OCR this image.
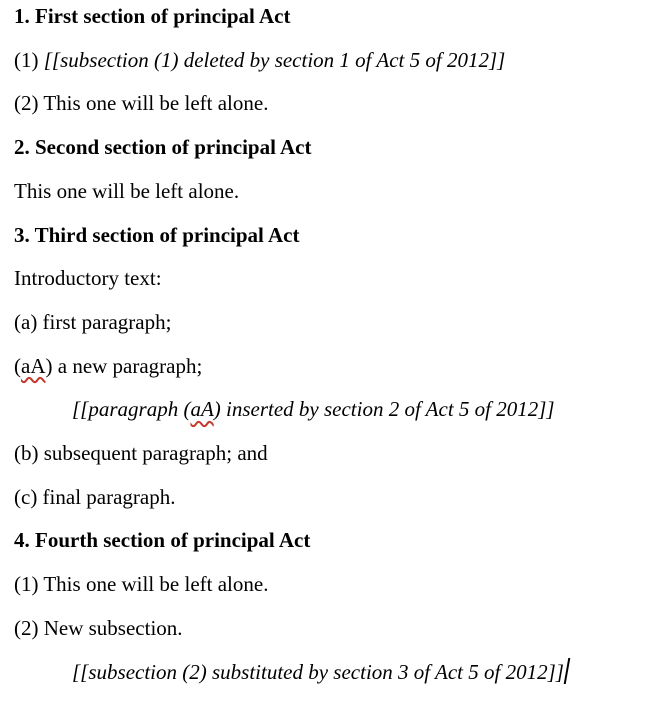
1. First section of principal Act

(1) [[subsection (1) deleted by section 1 of Act 5 of 2012]]

(2) This one will be left alone.

2. Second section of principal Act

This one will be left alone.

3. Third section of principal Act

Introductory text:

(a) first paragraph;

(aA) a new paragraph;

[[paragraph (aA) inserted by section 2 of Act 5 of 2012]]

(b) subsequent paragraph; and

(c) final paragraph.

4. Fourth section of principal Act

(1) This one will be left alone.

(2) New subsection.

[[subsection (2) substituted by section 3 of Act 5 of 2012]]
